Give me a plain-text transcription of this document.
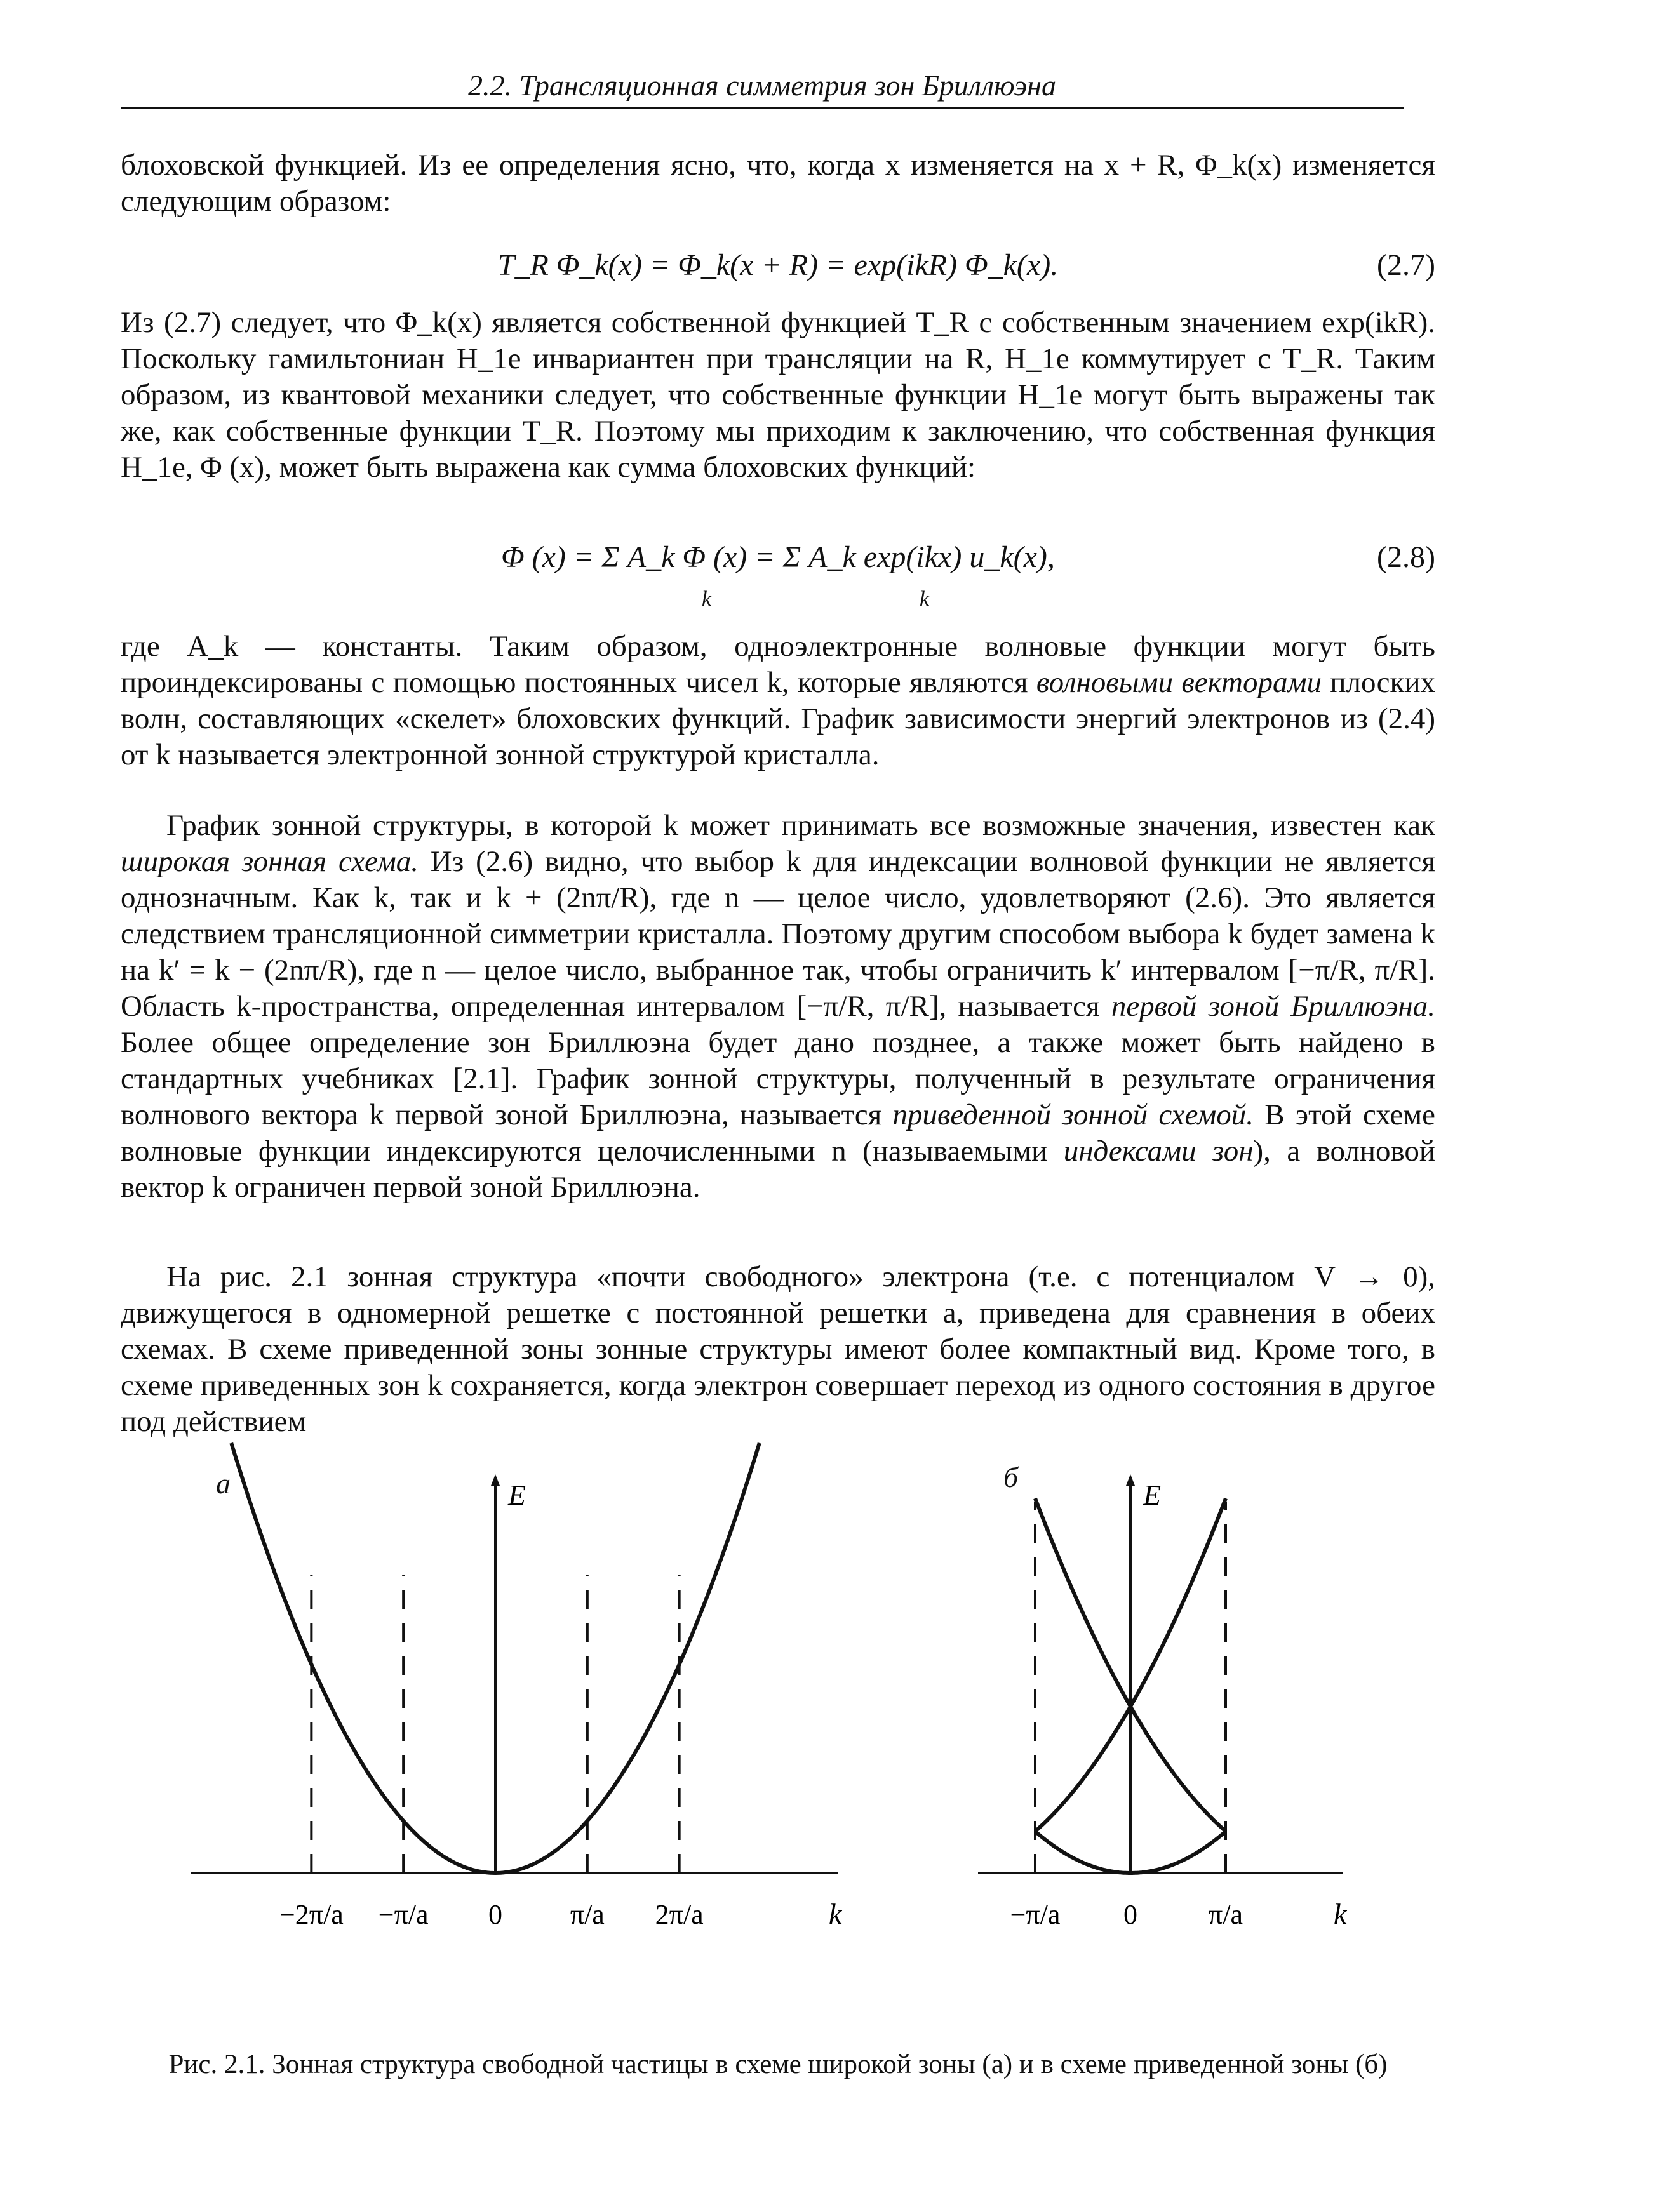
2.2. Трансляционная симметрия зон Бриллюэна
блоховской функцией. Из ее определения ясно, что, когда x изменяется на x + R, Φ_k(x) изменяется следующим образом:
T_R Φ_k(x) = Φ_k(x + R) = exp(ikR) Φ_k(x).	(2.7)
Из (2.7) следует, что Φ_k(x) является собственной функцией T_R с собственным значением exp(ikR). Поскольку гамильтониан H_1e инвариантен при трансляции на R, H_1e коммутирует с T_R. Таким образом, из квантовой механики следует, что собственные функции H_1e могут быть выражены так же, как собственные функции T_R. Поэтому мы приходим к заключению, что собственная функция H_1e, Φ (x), может быть выражена как сумма блоховских функций:
Φ (x) = Σ A_k Φ (x) = Σ A_k exp(ikx) u_k(x),
k	k
(2.8)
где A_k — константы. Таким образом, одноэлектронные волновые функции могут быть проиндексированы с помощью постоянных чисел k, которые являются волновыми векторами плоских волн, составляющих «скелет» блоховских функций. График зависимости энергий электронов из (2.4) от k называется электронной зонной структурой кристалла.
График зонной структуры, в которой k может принимать все возможные значения, известен как широкая зонная схема. Из (2.6) видно, что выбор k для индексации волновой функции не является однозначным. Как k, так и k + (2nπ/R), где n — целое число, удовлетворяют (2.6). Это является следствием трансляционной симметрии кристалла. Поэтому другим способом выбора k будет замена k на k′ = k − (2nπ/R), где n — целое число, выбранное так, чтобы ограничить k′ интервалом [−π/R, π/R]. Область k-пространства, определенная интервалом [−π/R, π/R], называется первой зоной Бриллюэна. Более общее определение зон Бриллюэна будет дано позднее, а также может быть найдено в стандартных учебниках [2.1]. График зонной структуры, полученный в результате ограничения волнового вектора k первой зоной Бриллюэна, называется приведенной зонной схемой. В этой схеме волновые функции индексируются целочисленными n (называемыми индексами зон), а волновой вектор k ограничен первой зоной Бриллюэна.
На рис. 2.1 зонная структура «почти свободного» электрона (т.е. с потенциалом V → 0), движущегося в одномерной решетке с постоянной решетки a, приведена для сравнения в обеих схемах. В схеме приведенной зоны зонные структуры имеют более компактный вид. Кроме того, в схеме приведенных зон k сохраняется, когда электрон совершает переход из одного состояния в другое под действием
а	б
E
k
−2π/a −π/a 0 π/a 2π/a
E
k
−π/a 0	π/a
Рис. 2.1. Зонная структура свободной частицы в схеме широкой зоны (а) и в схеме приведенной зоны (б)
